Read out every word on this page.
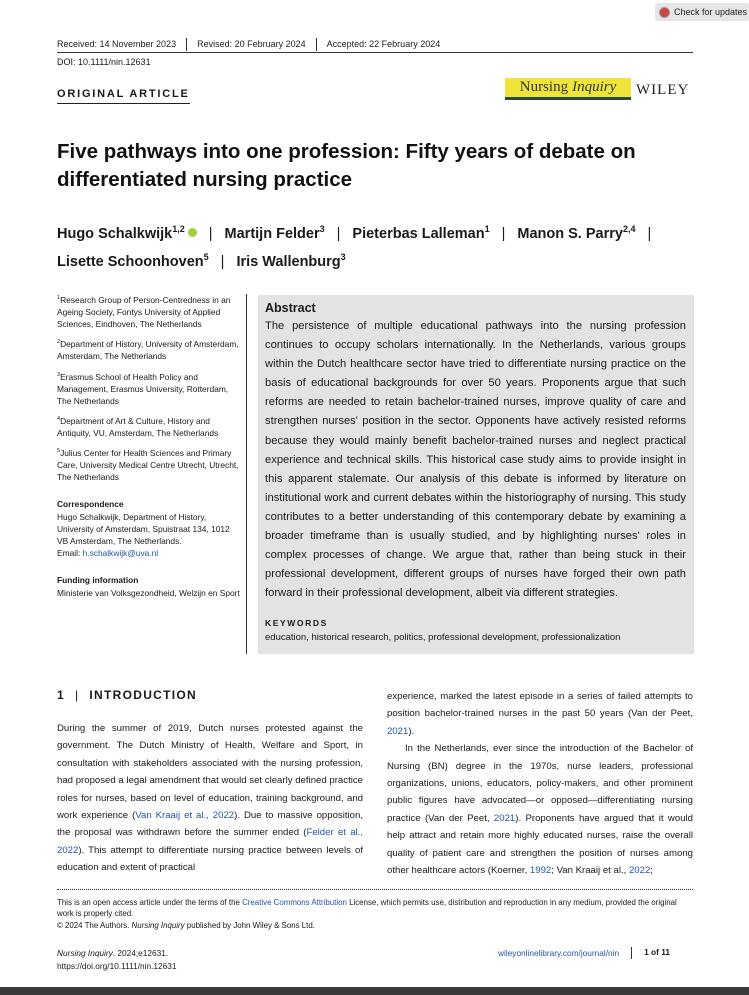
Check for updates
Received: 14 November 2023	Revised: 20 February 2024	Accepted: 22 February 2024
DOI: 10.1111/nin.12631
ORIGINAL ARTICLE	Nursing Inquiry WILEY
Five pathways into one profession: Fifty years of debate on
differentiated nursing practice
Hugo Schalkwijk$^{1,2}$ | Martijn Felder$^3$ | Pieterbas Lalleman$^1$ | Manon S. Parry$^{2,4}$ |
Lisette Schoonhoven$^5$ | Iris Wallenburg$^3$

$^1$Research Group of Person-Centredness in an Ageing Society, Fontys University of Applied Sciences, Eindhoven, The Netherlands

$^2$Department of History, University of Amsterdam, Amsterdam, The Netherlands

$^3$Erasmus School of Health Policy and Management, Erasmus University, Rotterdam, The Netherlands

$^4$Department of Art & Culture, History and Antiquity, VU, Amsterdam, The Netherlands

$^5$Julius Center for Health Sciences and Primary Care, University Medical Centre Utrecht, Utrecht, The Netherlands

Correspondence

Hugo Schalkwijk, Department of History, University of Amsterdam, Spuistraat 134, 1012 VB Amsterdam, The Netherlands.
Email: h.schalkwijk@uva.nl

Funding information

Ministerie van Volksgezondheid, Welzijn en Sport

Abstract
The persistence of multiple educational pathways into the nursing profession continues to occupy scholars internationally. In the Netherlands, various groups within the Dutch healthcare sector have tried to differentiate nursing practice on the basis of educational backgrounds for over 50 years. Proponents argue that such reforms are needed to retain bachelor-trained nurses, improve quality of care and strengthen nurses' position in the sector. Opponents have actively resisted reforms because they would mainly benefit bachelor-trained nurses and neglect practical experience and technical skills. This historical case study aims to provide insight in this apparent stalemate. Our analysis of this debate is informed by literature on institutional work and current debates within the historiography of nursing. This study contributes to a better understanding of this contemporary debate by examining a broader timeframe than is usually studied, and by highlighting nurses' roles in complex processes of change. We argue that, rather than being stuck in their professional development, different groups of nurses have forged their own path forward in their professional development, albeit via different strategies.
KEYWORDS
education, historical research, politics, professional development, professionalization
1 | INTRODUCTION

During the summer of 2019, Dutch nurses protested against the government. The Dutch Ministry of Health, Welfare and Sport, in consultation with stakeholders associated with the nursing profession, had proposed a legal amendment that would set clearly defined practice roles for nurses, based on level of education, training background, and work experience (Van Kraaij et al., 2022). Due to massive opposition, the proposal was withdrawn before the summer ended (Felder et al., 2022). This attempt to differentiate nursing practice between levels of education and extent of practical

experience, marked the latest episode in a series of failed attempts to position bachelor-trained nurses in the past 50 years (Van der Peet, 2021).

In the Netherlands, ever since the introduction of the Bachelor of Nursing (BN) degree in the 1970s, nurse leaders, professional organizations, unions, educators, policy-makers, and other prominent public figures have advocated—or opposed—differentiating nursing practice (Van der Peet, 2021). Proponents have argued that it would help attract and retain more highly educated nurses, raise the overall quality of patient care and strengthen the position of nurses among other healthcare actors (Koerner, 1992; Van Kraaij et al., 2022;

This is an open access article under the terms of the Creative Commons Attribution License, which permits use, distribution and reproduction in any medium, provided the original work is properly cited.

© 2024 The Authors. Nursing Inquiry published by John Wiley & Sons Ltd.

Nursing Inquiry. 2024;e12631.
https://doi.org/10.1111/nin.12631
wileyonlinelibrary.com/journal/nin	1 of 11
